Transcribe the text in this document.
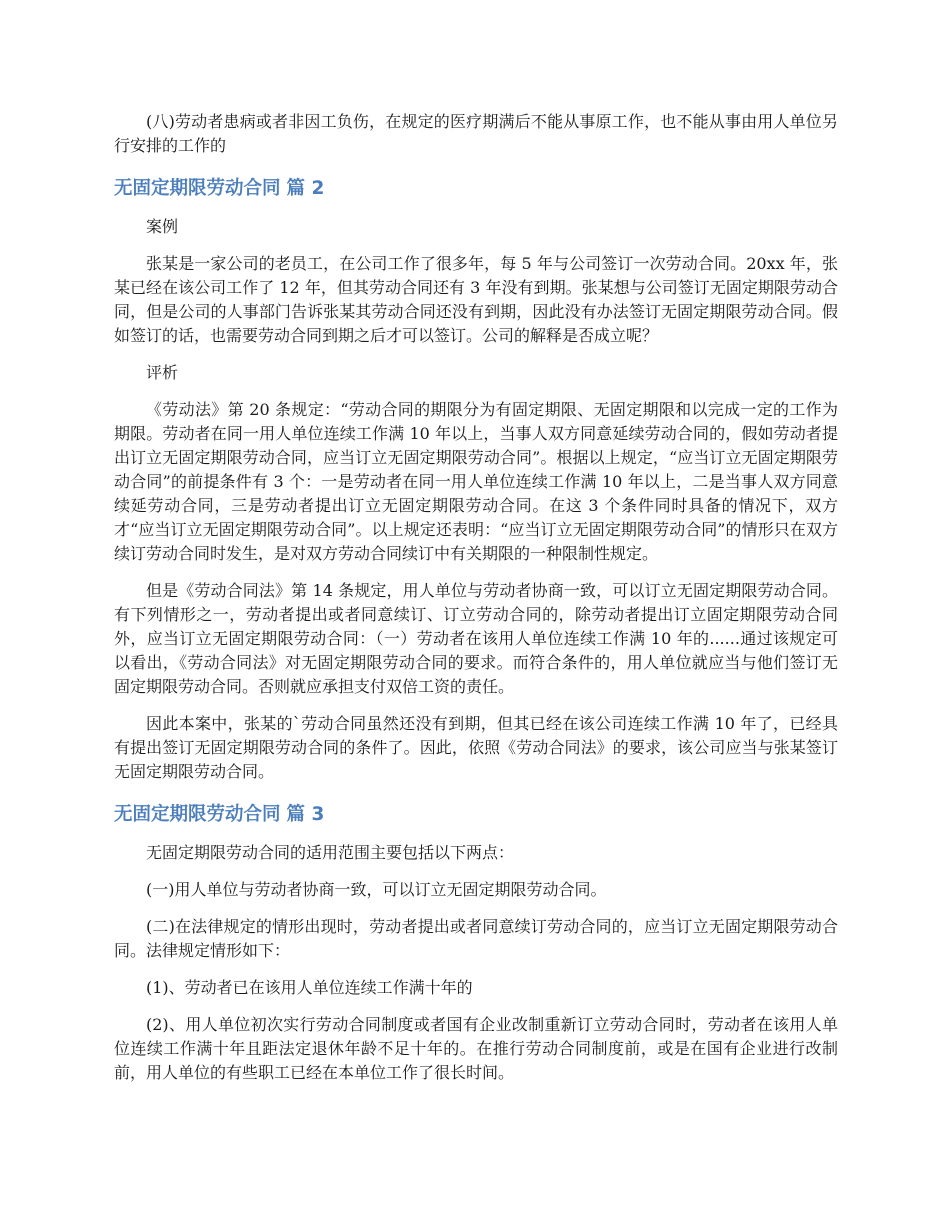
(八)劳动者患病或者非因工负伤，在规定的医疗期满后不能从事原工作，也不能从事由用人单位另行安排的工作的

无固定期限劳动合同 篇 2

案例

张某是一家公司的老员工，在公司工作了很多年，每 5 年与公司签订一次劳动合同。20xx 年，张某已经在该公司工作了 12 年，但其劳动合同还有 3 年没有到期。张某想与公司签订无固定期限劳动合同，但是公司的人事部门告诉张某其劳动合同还没有到期，因此没有办法签订无固定期限劳动合同。假如签订的话，也需要劳动合同到期之后才可以签订。公司的解释是否成立呢？

评析

《劳动法》第 20 条规定：“劳动合同的期限分为有固定期限、无固定期限和以完成一定的工作为期限。劳动者在同一用人单位连续工作满 10 年以上，当事人双方同意延续劳动合同的，假如劳动者提出订立无固定期限劳动合同，应当订立无固定期限劳动合同”。根据以上规定，“应当订立无固定期限劳动合同”的前提条件有 3 个：一是劳动者在同一用人单位连续工作满 10 年以上，二是当事人双方同意续延劳动合同，三是劳动者提出订立无固定期限劳动合同。在这 3 个条件同时具备的情况下，双方才“应当订立无固定期限劳动合同”。以上规定还表明：“应当订立无固定期限劳动合同”的情形只在双方续订劳动合同时发生，是对双方劳动合同续订中有关期限的一种限制性规定。

但是《劳动合同法》第 14 条规定，用人单位与劳动者协商一致，可以订立无固定期限劳动合同。有下列情形之一，劳动者提出或者同意续订、订立劳动合同的，除劳动者提出订立固定期限劳动合同外，应当订立无固定期限劳动合同：（一）劳动者在该用人单位连续工作满 10 年的......通过该规定可以看出，《劳动合同法》对无固定期限劳动合同的要求。而符合条件的，用人单位就应当与他们签订无固定期限劳动合同。否则就应承担支付双倍工资的责任。

因此本案中，张某的`劳动合同虽然还没有到期，但其已经在该公司连续工作满 10 年了，已经具有提出签订无固定期限劳动合同的条件了。因此，依照《劳动合同法》的要求，该公司应当与张某签订无固定期限劳动合同。

无固定期限劳动合同 篇 3

无固定期限劳动合同的适用范围主要包括以下两点：

(一)用人单位与劳动者协商一致，可以订立无固定期限劳动合同。

(二)在法律规定的情形出现时，劳动者提出或者同意续订劳动合同的，应当订立无固定期限劳动合同。法律规定情形如下：

(1)、劳动者已在该用人单位连续工作满十年的

(2)、用人单位初次实行劳动合同制度或者国有企业改制重新订立劳动合同时，劳动者在该用人单位连续工作满十年且距法定退休年龄不足十年的。在推行劳动合同制度前，或是在国有企业进行改制前，用人单位的有些职工已经在本单位工作了很长时间。
